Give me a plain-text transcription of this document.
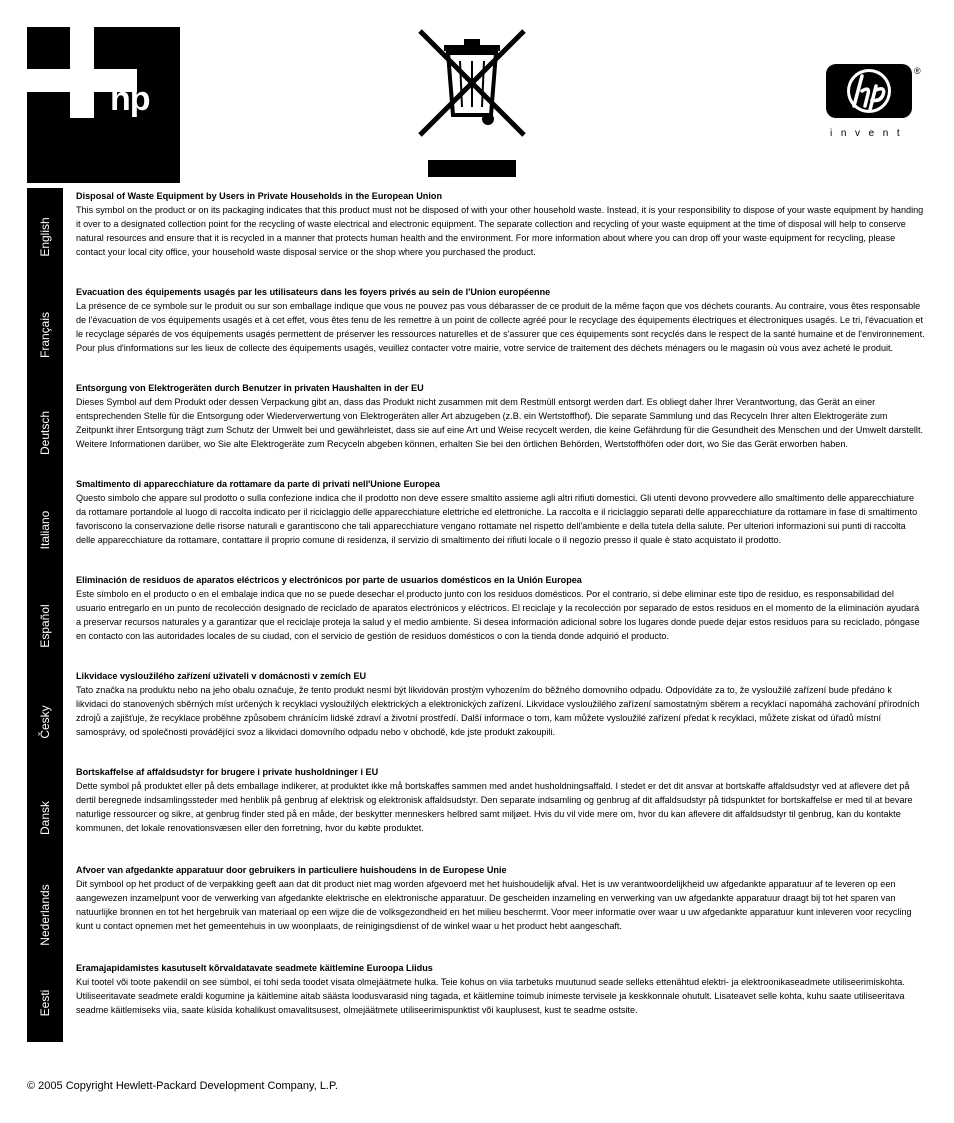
hp
®
invent
English
Français
Deutsch
Italiano
Español
Česky
Dansk
Nederlands
Eesti
Disposal of Waste Equipment by Users in Private Households in the European Union

This symbol on the product or on its packaging indicates that this product must not be disposed of with your other household waste. Instead, it is your responsibility to dispose of your waste equipment by handing it over to a designated collection point for the recycling of waste electrical and electronic equipment. The separate collection and recycling of your waste equipment at the time of disposal will help to conserve natural resources and ensure that it is recycled in a manner that protects human health and the environment. For more information about where you can drop off your waste equipment for recycling, please contact your local city office, your household waste disposal service or the shop where you purchased the product.

Evacuation des équipements usagés par les utilisateurs dans les foyers privés au sein de l'Union européenne

La présence de ce symbole sur le produit ou sur son emballage indique que vous ne pouvez pas vous débarasser de ce produit de la même façon que vos déchets courants. Au contraire, vous êtes responsable de l'évacuation de vos équipements usagés et à cet effet, vous êtes tenu de les remettre à un point de collecte agréé pour le recyclage des équipements électriques et électroniques usagés. Le tri, l'évacuation et le recyclage séparés de vos équipements usagés permettent de préserver les ressources naturelles et de s'assurer que ces équipements sont recyclés dans le respect de la santé humaine et de l'environnement. Pour plus d'informations sur les lieux de collecte des équipements usagés, veuillez contacter votre mairie, votre service de traitement des déchets ménagers ou le magasin où vous avez acheté le produit.

Entsorgung von Elektrogeräten durch Benutzer in privaten Haushalten in der EU

Dieses Symbol auf dem Produkt oder dessen Verpackung gibt an, dass das Produkt nicht zusammen mit dem Restmüll entsorgt werden darf. Es obliegt daher Ihrer Verantwortung, das Gerät an einer entsprechenden Stelle für die Entsorgung oder Wiederverwertung von Elektrogeräten aller Art abzugeben (z.B. ein Wertstoffhof). Die separate Sammlung und das Recyceln Ihrer alten Elektrogeräte zum Zeitpunkt ihrer Entsorgung trägt zum Schutz der Umwelt bei und gewährleistet, dass sie auf eine Art und Weise recycelt werden, die keine Gefährdung für die Gesundheit des Menschen und der Umwelt darstellt. Weitere Informationen darüber, wo Sie alte Elektrogeräte zum Recyceln abgeben können, erhalten Sie bei den örtlichen Behörden, Wertstoffhöfen oder dort, wo Sie das Gerät erworben haben.

Smaltimento di apparecchiature da rottamare da parte di privati nell'Unione Europea

Questo simbolo che appare sul prodotto o sulla confezione indica che il prodotto non deve essere smaltito assieme agli altri rifiuti domestici. Gli utenti devono provvedere allo smaltimento delle apparecchiature da rottamare portandole al luogo di raccolta indicato per il riciclaggio delle apparecchiature elettriche ed elettroniche. La raccolta e il riciclaggio separati delle apparecchiature da rottamare in fase di smaltimento favoriscono la conservazione delle risorse naturali e garantiscono che tali apparecchiature vengano rottamate nel rispetto dell'ambiente e della tutela della salute. Per ulteriori informazioni sui punti di raccolta delle apparecchiature da rottamare, contattare il proprio comune di residenza, il servizio di smaltimento dei rifiuti locale o il negozio presso il quale è stato acquistato il prodotto.

Eliminación de residuos de aparatos eléctricos y electrónicos por parte de usuarios domésticos en la Unión Europea

Este símbolo en el producto o en el embalaje indica que no se puede desechar el producto junto con los residuos domésticos. Por el contrario, si debe eliminar este tipo de residuo, es responsabilidad del usuario entregarlo en un punto de recolección designado de reciclado de aparatos electrónicos y eléctricos. El reciclaje y la recolección por separado de estos residuos en el momento de la eliminación ayudará a preservar recursos naturales y a garantizar que el reciclaje proteja la salud y el medio ambiente. Si desea información adicional sobre los lugares donde puede dejar estos residuos para su reciclado, póngase en contacto con las autoridades locales de su ciudad, con el servicio de gestión de residuos domésticos o con la tienda donde adquirió el producto.

Likvidace vysloužilého zařízení uživateli v domácnosti v zemích EU

Tato značka na produktu nebo na jeho obalu označuje, že tento produkt nesmí být likvidován prostým vyhozením do běžného domovního odpadu. Odpovídáte za to, že vysloužilé zařízení bude předáno k likvidaci do stanovených sběrných míst určených k recyklaci vysloužilých elektrických a elektronických zařízení. Likvidace vysloužilého zařízení samostatným sběrem a recyklací napomáhá zachování přírodních zdrojů a zajišťuje, že recyklace proběhne způsobem chránícím lidské zdraví a životní prostředí. Další informace o tom, kam můžete vysloužilé zařízení předat k recyklaci, můžete získat od úřadů místní samosprávy, od společnosti provádějící svoz a likvidaci domovního odpadu nebo v obchodě, kde jste produkt zakoupili.

Bortskaffelse af affaldsudstyr for brugere i private husholdninger i EU

Dette symbol på produktet eller på dets emballage indikerer, at produktet ikke må bortskaffes sammen med andet husholdningsaffald. I stedet er det dit ansvar at bortskaffe affaldsudstyr ved at aflevere det på dertil beregnede indsamlingssteder med henblik på genbrug af elektrisk og elektronisk affaldsudstyr. Den separate indsamling og genbrug af dit affaldsudstyr på tidspunktet for bortskaffelse er med til at bevare naturlige ressourcer og sikre, at genbrug finder sted på en måde, der beskytter menneskers helbred samt miljøet. Hvis du vil vide mere om, hvor du kan aflevere dit affaldsudstyr til genbrug, kan du kontakte kommunen, det lokale renovationsvæsen eller den forretning, hvor du købte produktet.

Afvoer van afgedankte apparatuur door gebruikers in particuliere huishoudens in de Europese Unie

Dit symbool op het product of de verpakking geeft aan dat dit product niet mag worden afgevoerd met het huishoudelijk afval. Het is uw verantwoordelijkheid uw afgedankte apparatuur af te leveren op een aangewezen inzamelpunt voor de verwerking van afgedankte elektrische en elektronische apparatuur. De gescheiden inzameling en verwerking van uw afgedankte apparatuur draagt bij tot het sparen van natuurlijke bronnen en tot het hergebruik van materiaal op een wijze die de volksgezondheid en het milieu beschermt. Voor meer informatie over waar u uw afgedankte apparatuur kunt inleveren voor recycling kunt u contact opnemen met het gemeentehuis in uw woonplaats, de reinigingsdienst of de winkel waar u het product hebt aangeschaft.

Eramajapidamistes kasutuselt kõrvaldatavate seadmete käitlemine Euroopa Liidus

Kui tootel või toote pakendil on see sümbol, ei tohi seda toodet visata olmejäätmete hulka. Teie kohus on viia tarbetuks muutunud seade selleks ettenähtud elektri- ja elektroonikaseadmete utiliseerimiskohta. Utiliseeritavate seadmete eraldi kogumine ja käitlemine aitab säästa loodusvarasid ning tagada, et käitlemine toimub inimeste tervisele ja keskkonnale ohutult. Lisateavet selle kohta, kuhu saate utiliseeritava seadme käitlemiseks viia, saate küsida kohalikust omavalitsusest, olmejäätmete utiliseerimispunktist või kauplusest, kust te seadme ostsite.

© 2005 Copyright Hewlett-Packard Development Company, L.P.
